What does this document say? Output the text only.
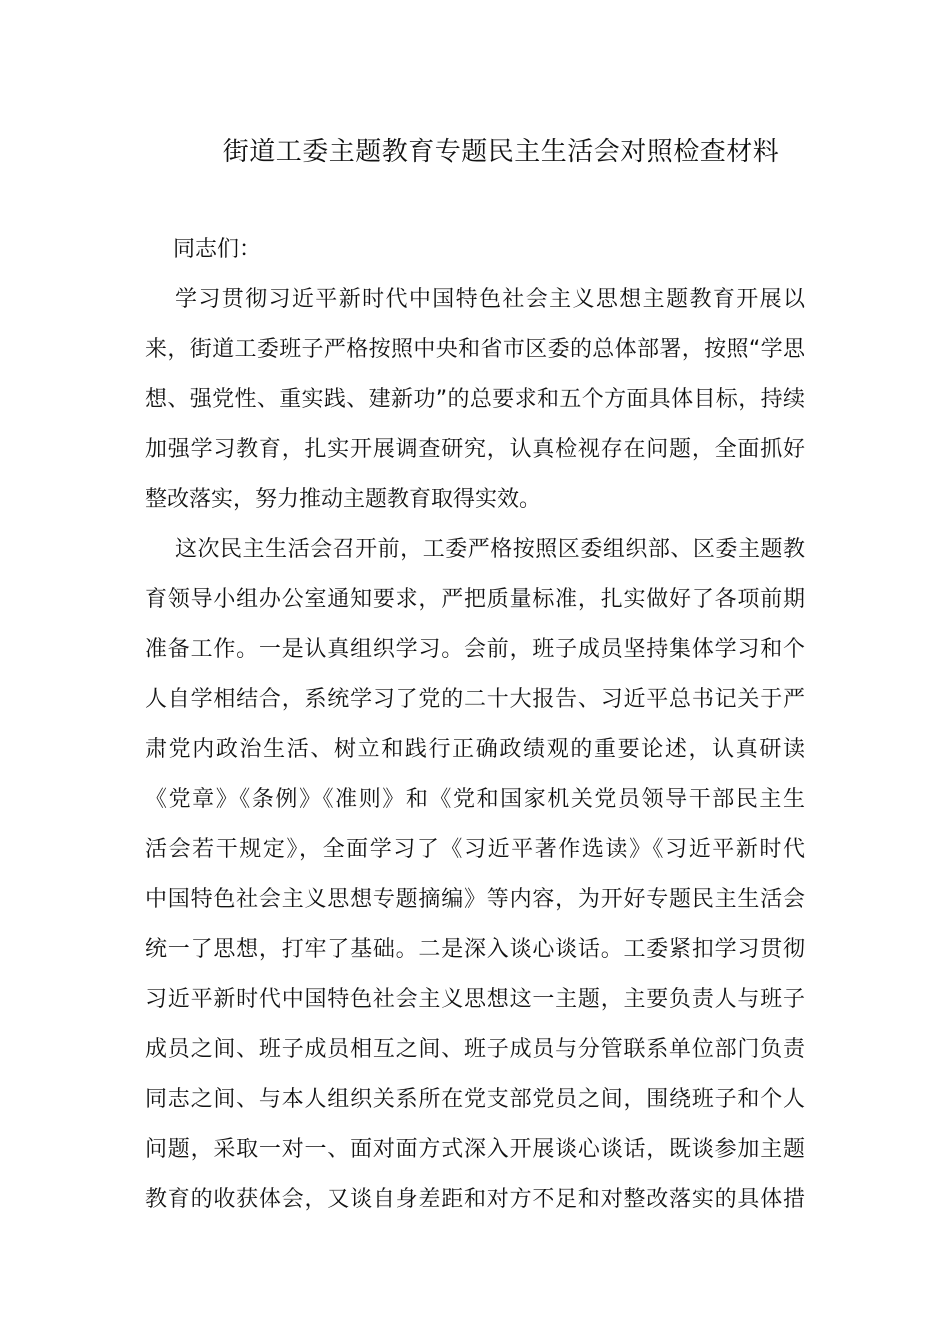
街道工委主题教育专题民主生活会对照检查材料
同志们：
学习贯彻习近平新时代中国特色社会主义思想主题教育开展以
来，街道工委班子严格按照中央和省市区委的总体部署，按照“学思
想、强党性、重实践、建新功”的总要求和五个方面具体目标，持续
加强学习教育，扎实开展调查研究，认真检视存在问题，全面抓好
整改落实，努力推动主题教育取得实效。
这次民主生活会召开前，工委严格按照区委组织部、区委主题教
育领导小组办公室通知要求，严把质量标准，扎实做好了各项前期
准备工作。一是认真组织学习。会前，班子成员坚持集体学习和个
人自学相结合，系统学习了党的二十大报告、习近平总书记关于严
肃党内政治生活、树立和践行正确政绩观的重要论述，认真研读
《党章》《条例》《准则》和《党和国家机关党员领导干部民主生
活会若干规定》，全面学习了《习近平著作选读》《习近平新时代
中国特色社会主义思想专题摘编》等内容，为开好专题民主生活会
统一了思想，打牢了基础。二是深入谈心谈话。工委紧扣学习贯彻
习近平新时代中国特色社会主义思想这一主题，主要负责人与班子
成员之间、班子成员相互之间、班子成员与分管联系单位部门负责
同志之间、与本人组织关系所在党支部党员之间，围绕班子和个人
问题，采取一对一、面对面方式深入开展谈心谈话，既谈参加主题
教育的收获体会，又谈自身差距和对方不足和对整改落实的具体措
